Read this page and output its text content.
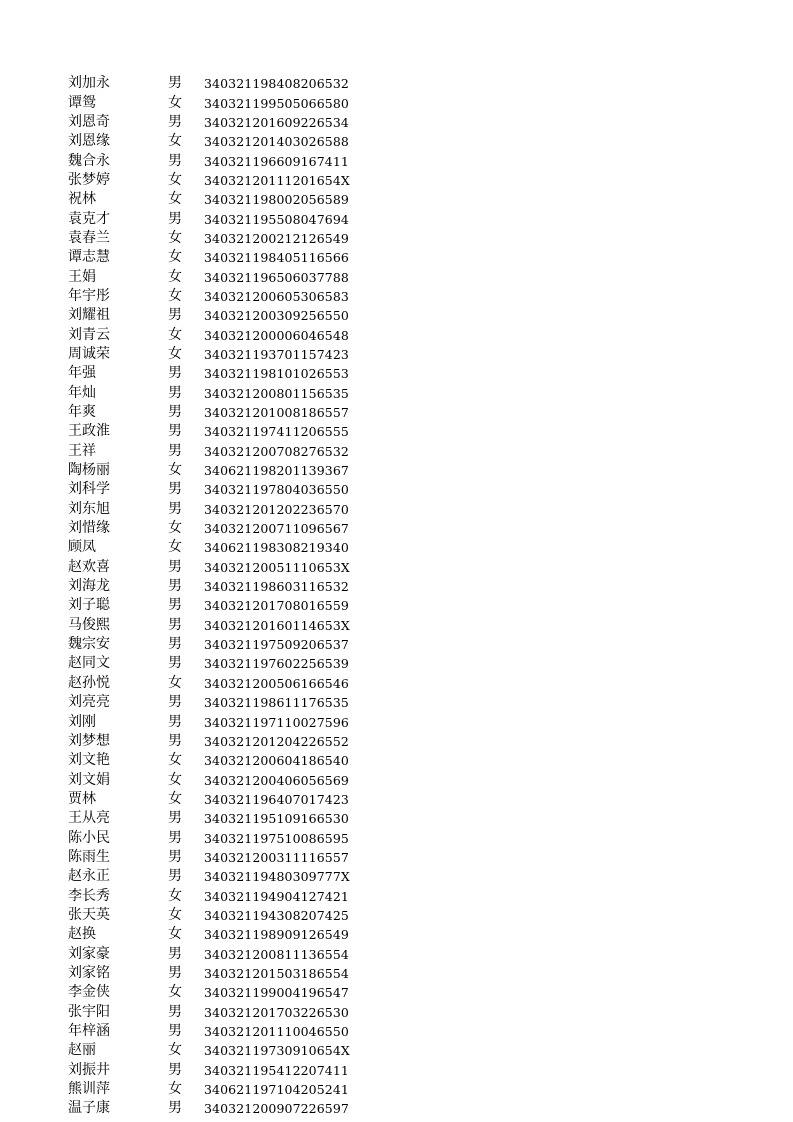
刘加永	男	340321198408206532
谭鸳	女	340321199505066580
刘恩奇	男	340321201609226534
刘恩缘	女	340321201403026588
魏合永	男	340321196609167411
张梦婷	女	34032120111201654X
祝林	女	340321198002056589
袁克才	男	340321195508047694
袁春兰	女	340321200212126549
谭志慧	女	340321198405116566
王娟	女	340321196506037788
年宇彤	女	340321200605306583
刘耀祖	男	340321200309256550
刘青云	女	340321200006046548
周诚荣	女	340321193701157423
年强	男	340321198101026553
年灿	男	340321200801156535
年爽	男	340321201008186557
王政淮	男	340321197411206555
王祥	男	340321200708276532
陶杨丽	女	340621198201139367
刘科学	男	340321197804036550
刘东旭	男	340321201202236570
刘惜缘	女	340321200711096567
顾凤	女	340621198308219340
赵欢喜	男	34032120051110653X
刘海龙	男	340321198603116532
刘子聪	男	340321201708016559
马俊熙	男	34032120160114653X
魏宗安	男	340321197509206537
赵同文	男	340321197602256539
赵孙悦	女	340321200506166546
刘亮亮	男	340321198611176535
刘刚	男	340321197110027596
刘梦想	男	340321201204226552
刘文艳	女	340321200604186540
刘文娟	女	340321200406056569
贾林	女	340321196407017423
王从亮	男	340321195109166530
陈小民	男	340321197510086595
陈雨生	男	340321200311116557
赵永正	男	34032119480309777X
李长秀	女	340321194904127421
张天英	女	340321194308207425
赵换	女	340321198909126549
刘家豪	男	340321200811136554
刘家铭	男	340321201503186554
李金侠	女	340321199004196547
张宇阳	男	340321201703226530
年梓涵	男	340321201110046550
赵丽	女	34032119730910654X
刘振井	男	340321195412207411
熊训萍	女	340621197104205241
温子康	男	340321200907226597
